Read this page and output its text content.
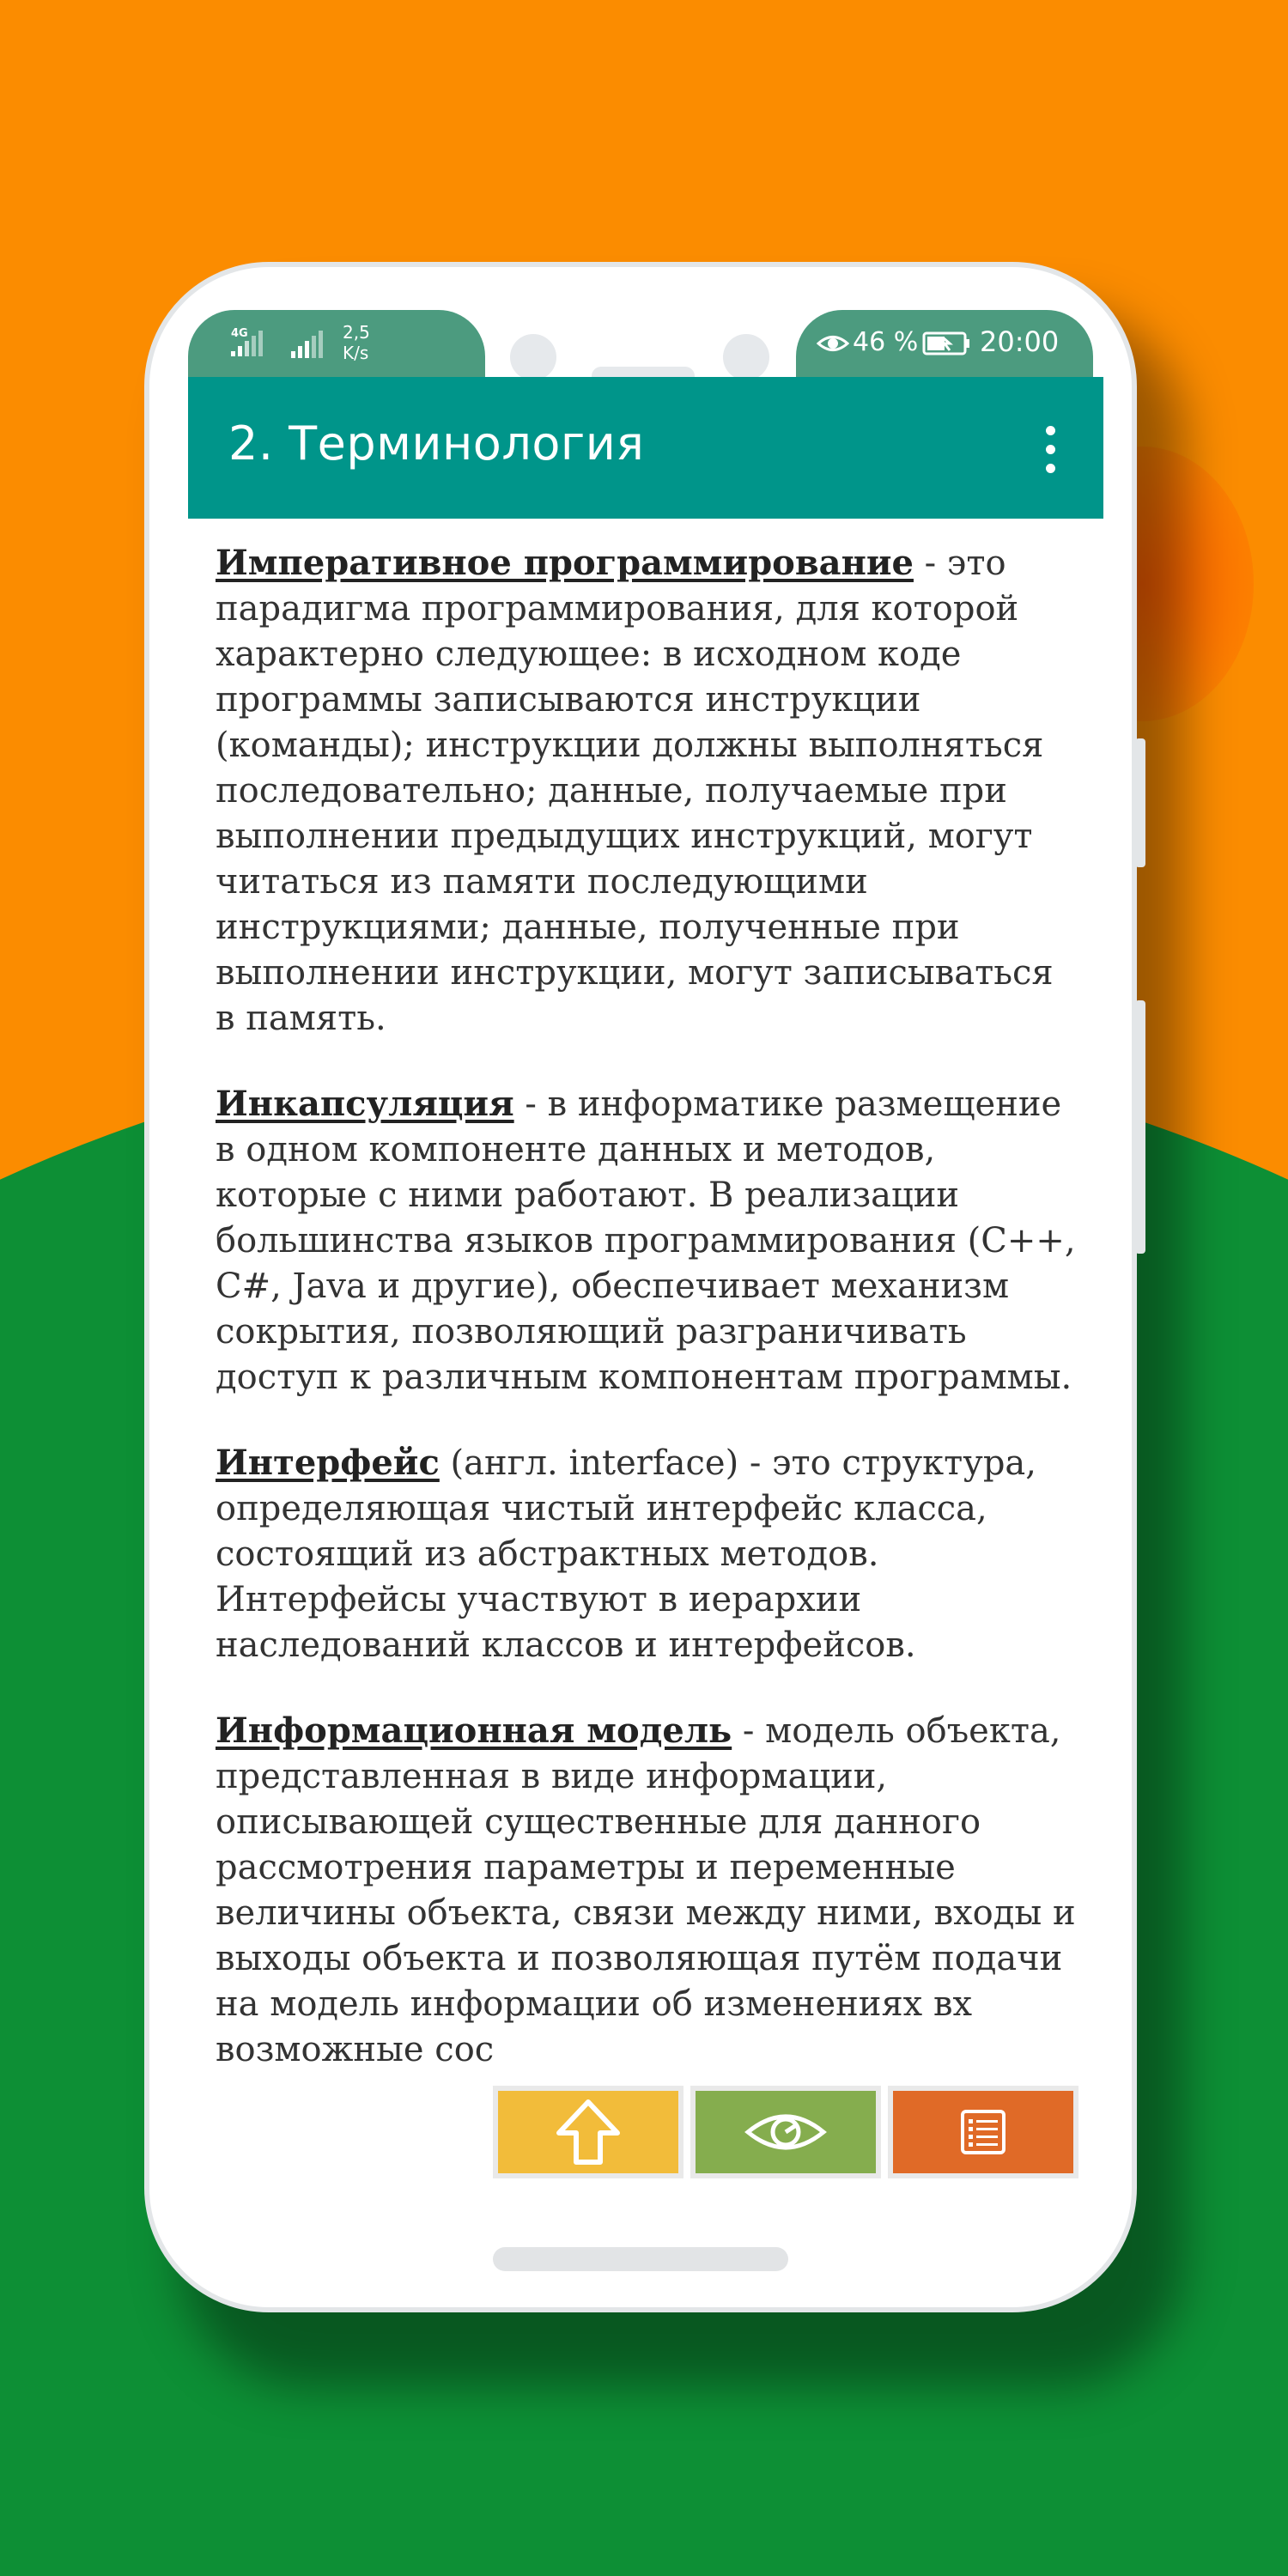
4G	2,5
K/s	46 % 20:00
2. Терминология

Императивное программирование - это парадигма программирования, для которой характерно следующее: в исходном коде программы записываются инструкции (команды); инструкции должны выполняться последовательно; данные, получаемые при выполнении предыдущих инструкций, могут читаться из памяти последующими инструкциями; данные, полученные при выполнении инструкции, могут записываться в память.

Инкапсуляция - в информатике размещение в одном компоненте данных и методов, которые с ними работают. В реализации большинства языков программирования (C++, C#, Java и другие), обеспечивает механизм сокрытия, позволяющий разграничивать доступ к различным компонентам программы.

Интерфейс (англ. interface) - это структура, определяющая чистый интерфейс класса, состоящий из абстрактных методов. Интерфейсы участвуют в иерархии наследований классов и интерфейсов.

Информационная модель - модель объекта, представленная в виде информации, описывающей существенные для данного рассмотрения параметры и переменные величины объекта, связи между ними, входы и выходы объекта и позволяющая путём подачи на модель информации об изменениях вх
возможные сос
